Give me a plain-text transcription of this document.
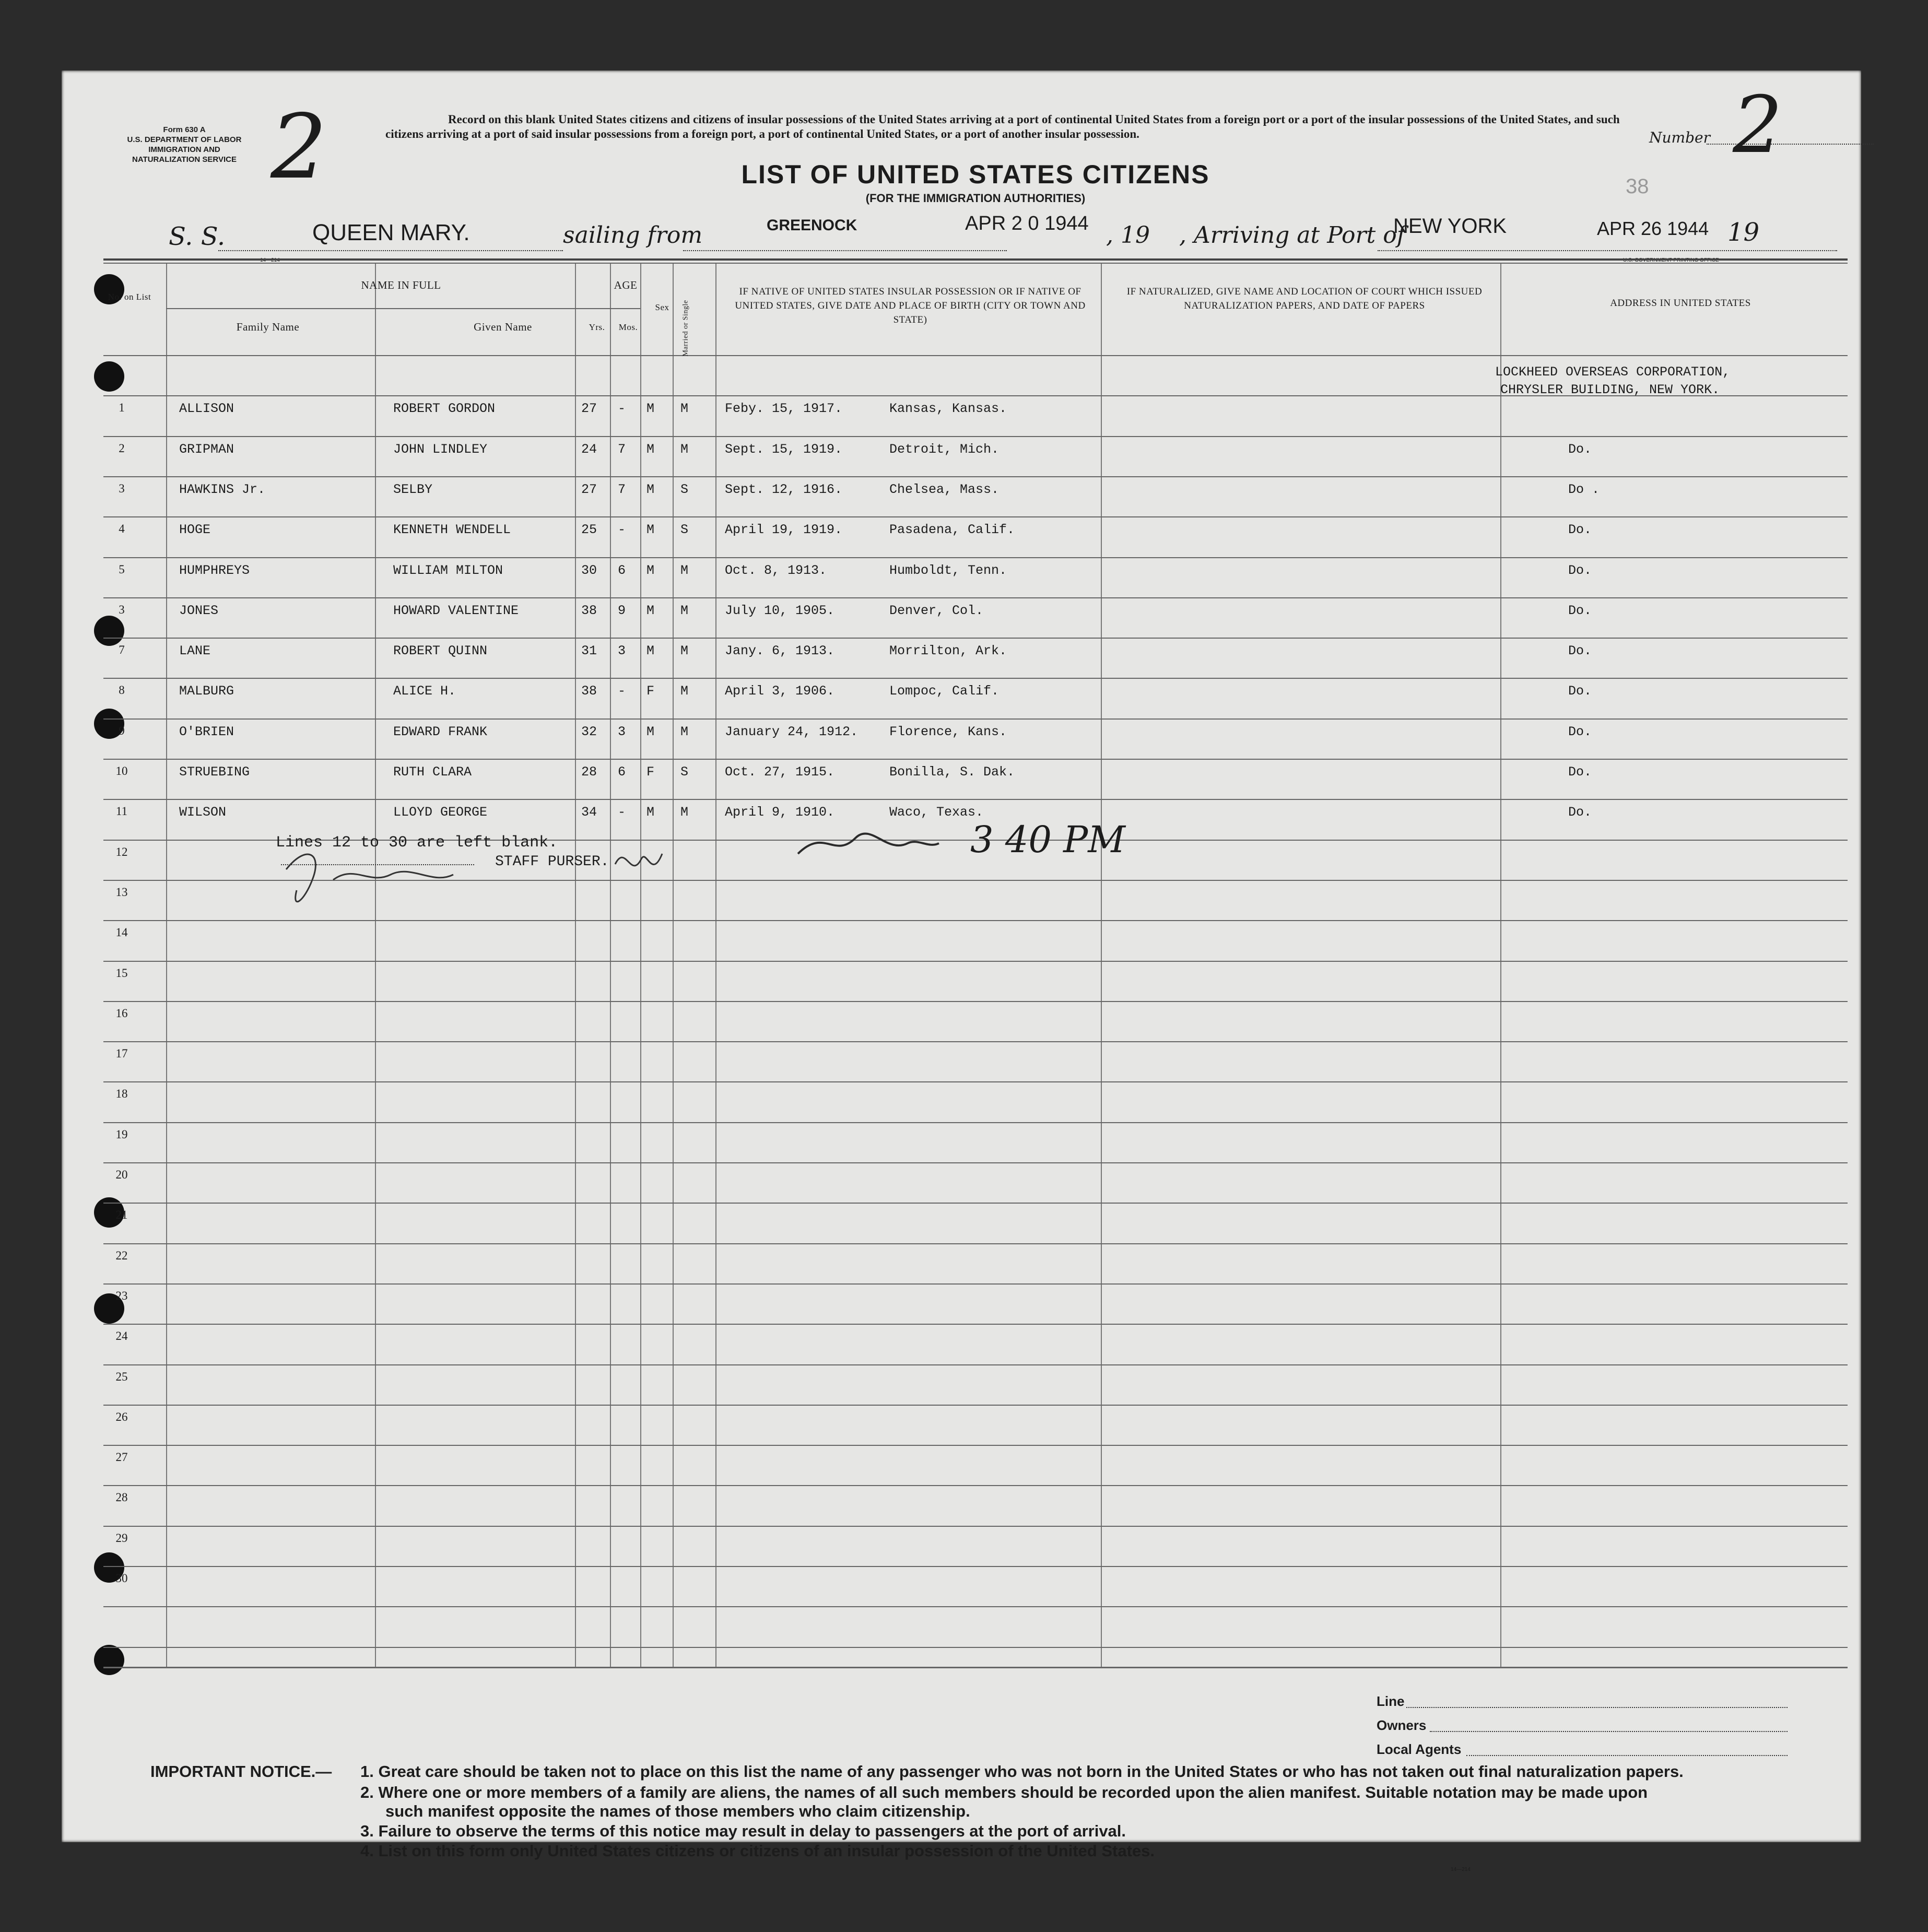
Form 630 A
U.S. DEPARTMENT OF LABOR
IMMIGRATION AND NATURALIZATION SERVICE 2	Record on this blank United States citizens and citizens of insular possessions of the United States arriving at a port of continental United States from a foreign port or a port of the insular possessions of the United States, and such citizens arriving at a port of said insular possessions from a foreign port, a port of continental United States, or a port of another insular possession.
LIST OF UNITED STATES CITIZENS
(FOR THE IMMIGRATION AUTHORITIES)
Number 2
38
S. S.	QUEEN MARY.	sailing from	GREENOCK	APR 2 0 1944 , 19 , Arriving at Port of
NEW YORK	APR 26 1944 19
No. on List
NAME IN FULL
Family Name	Given Name
AGE
Yrs.	Mos.
Sex	Married or Single
IF NATIVE OF UNITED STATES INSULAR POSSESSION OR IF NATIVE OF UNITED STATES, GIVE DATE AND PLACE OF BIRTH (CITY OR TOWN AND STATE)
IF NATURALIZED, GIVE NAME AND LOCATION OF COURT WHICH ISSUED NATURALIZATION PAPERS, AND DATE OF PAPERS	ADDRESS IN UNITED STATES
1	ALLISON	ROBERT GORDON	27 - M M	Feby. 15, 1917.	Kansas, Kansas.
LOCKHEED OVERSEAS CORPORATION,
CHRYSLER BUILDING, NEW YORK.
2	GRIPMAN	JOHN LINDLEY	24 7 M M	Sept. 15, 1919.	Detroit, Mich.	Do.
3	HAWKINS Jr.	SELBY	27 7 M S	Sept. 12, 1916.	Chelsea, Mass.	Do .
4	HOGE	KENNETH WENDELL	25 - M S	April 19, 1919.	Pasadena, Calif.	Do.
5	HUMPHREYS	WILLIAM MILTON	30 6 M M	Oct. 8, 1913.	Humboldt, Tenn.	Do.
3	JONES	HOWARD VALENTINE	38 9 M M	July 10, 1905.	Denver, Col.	Do.
7	LANE	ROBERT QUINN	31 3 M M	Jany. 6, 1913.	Morrilton, Ark.	Do.
8	MALBURG	ALICE H.	38 - F M	April 3, 1906.	Lompoc, Calif.	Do.
9	O'BRIEN	EDWARD FRANK	32 3 M M	January 24, 1912. Florence, Kans.	Do.
10	STRUEBING	RUTH CLARA	28 6 F S	Oct. 27, 1915.	Bonilla, S. Dak.	Do.
11	WILSON	LLOYD GEORGE	34 - M M	April 9, 1910.	Waco, Texas.	Do.
12
13
14
15
16
17
18
19
20
21
22
23
24
25
26
27
28
29
30
Lines 12 to 30 are left blank.
STAFF PURSER.
3 40 PM
Line
Owners
Local Agents
IMPORTANT NOTICE.— 1. Great care should be taken not to place on this list the name of any passenger who was not born in the United States or who has not taken out final naturalization papers.
2. Where one or more members of a family are aliens, the names of all such members should be recorded upon the alien manifest. Suitable notation may be made upon
such manifest opposite the names of those members who claim citizenship.
3. Failure to observe the terms of this notice may result in delay to passengers at the port of arrival.
4. List on this form only United States citizens or citizens of an insular possession of the United States.
14—214
